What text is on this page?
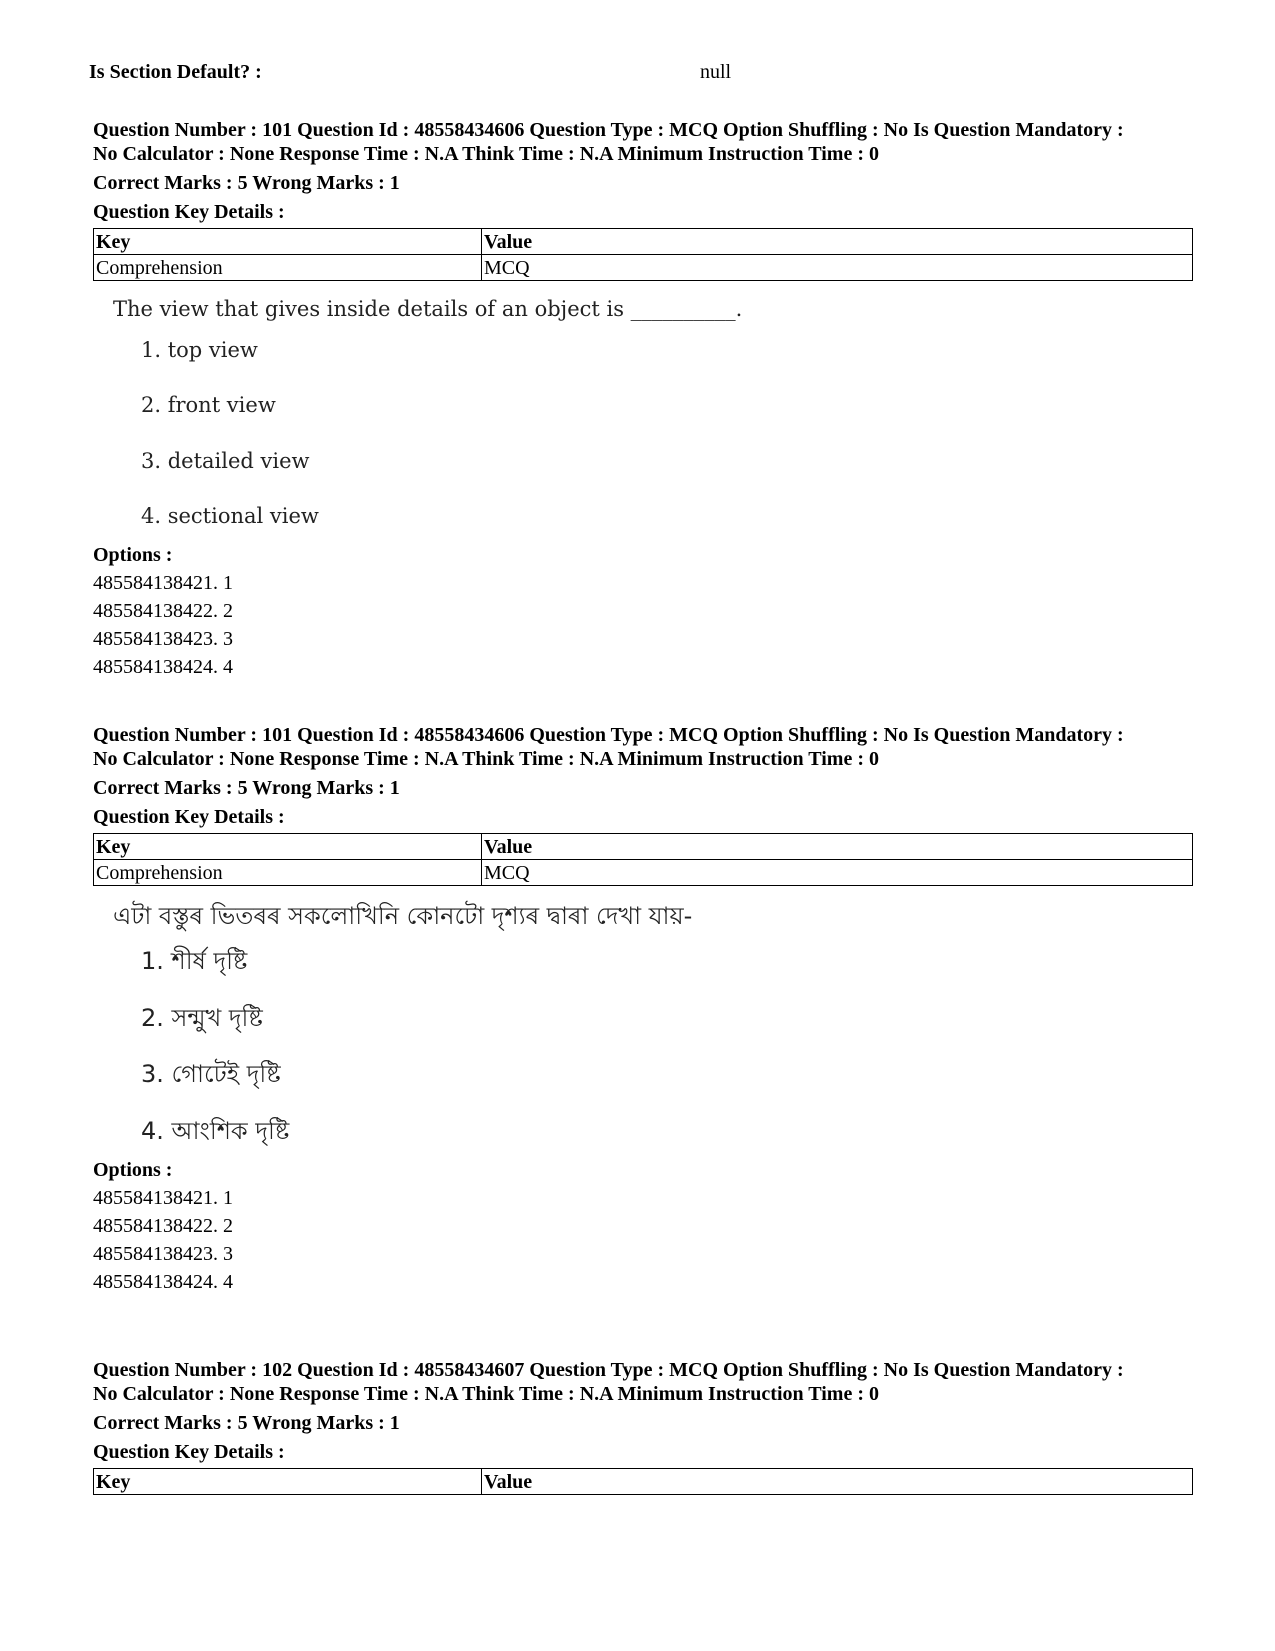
Is Section Default? :	null

Question Number : 101 Question Id : 48558434606 Question Type : MCQ Option Shuffling : No Is Question Mandatory :

No Calculator : None Response Time : N.A Think Time : N.A Minimum Instruction Time : 0

Correct Marks : 5 Wrong Marks : 1
Question Key Details :
Key	Value
Comprehension	MCQ
The view that gives inside details of an object is __________.
1. top view
2. front view
3. detailed view
4. sectional view
Options :
485584138421. 1
485584138422. 2
485584138423. 3
485584138424. 4

Question Number : 101 Question Id : 48558434606 Question Type : MCQ Option Shuffling : No Is Question Mandatory :

No Calculator : None Response Time : N.A Think Time : N.A Minimum Instruction Time : 0

Correct Marks : 5 Wrong Marks : 1
Question Key Details :
Key	Value
Comprehension	MCQ
এটা বস্তুৰ ভিতৰৰ সকলোখিনি কোনটো দৃশ্যৰ দ্বাৰা দেখা যায়-
1. শীৰ্ষ দৃষ্টি
2. সন্মুখ দৃষ্টি
3. গোটেই দৃষ্টি
4. আংশিক দৃষ্টি
Options :
485584138421. 1
485584138422. 2
485584138423. 3
485584138424. 4

Question Number : 102 Question Id : 48558434607 Question Type : MCQ Option Shuffling : No Is Question Mandatory :

No Calculator : None Response Time : N.A Think Time : N.A Minimum Instruction Time : 0

Correct Marks : 5 Wrong Marks : 1
Question Key Details :
Key	Value
